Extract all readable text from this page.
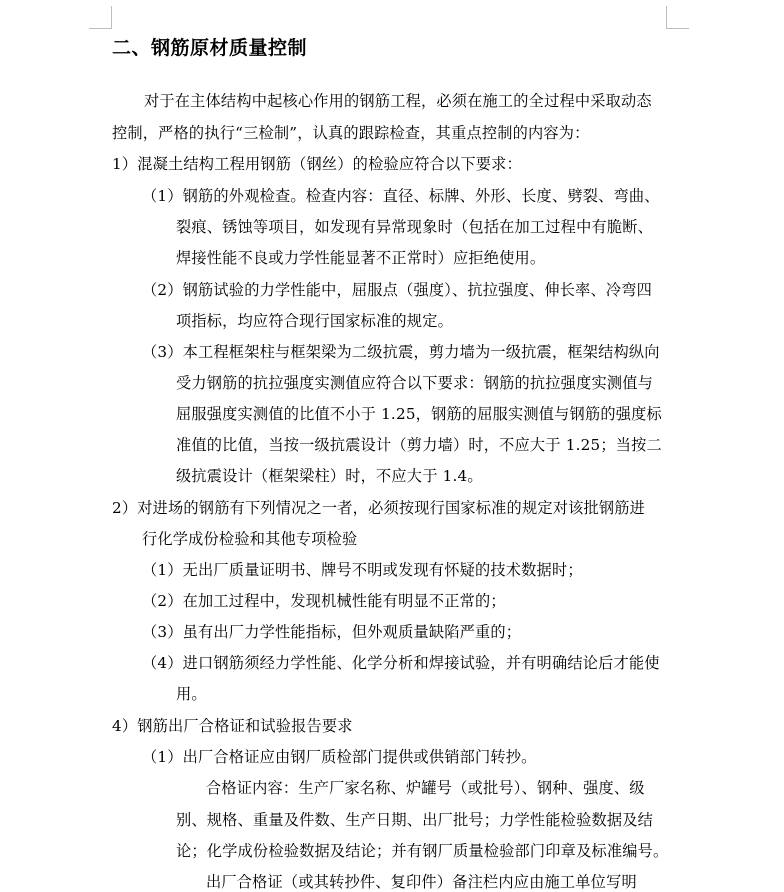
二、钢筋原材质量控制
对于在主体结构中起核心作用的钢筋工程，必须在施工的全过程中采取动态
控制，严格的执行“三检制”，认真的跟踪检查，其重点控制的内容为：
1）混凝土结构工程用钢筋（钢丝）的检验应符合以下要求：
（1）钢筋的外观检查。检查内容：直径、标牌、外形、长度、劈裂、弯曲、
裂痕、锈蚀等项目，如发现有异常现象时（包括在加工过程中有脆断、
焊接性能不良或力学性能显著不正常时）应拒绝使用。
（2）钢筋试验的力学性能中，屈服点（强度）、抗拉强度、伸长率、冷弯四
项指标，均应符合现行国家标准的规定。
（3）本工程框架柱与框架梁为二级抗震，剪力墙为一级抗震，框架结构纵向
受力钢筋的抗拉强度实测值应符合以下要求：钢筋的抗拉强度实测值与
屈服强度实测值的比值不小于 1.25，钢筋的屈服实测值与钢筋的强度标
准值的比值，当按一级抗震设计（剪力墙）时，不应大于 1.25；当按二
级抗震设计（框架梁柱）时，不应大于 1.4。
2）对进场的钢筋有下列情况之一者，必须按现行国家标准的规定对该批钢筋进
行化学成份检验和其他专项检验
（1）无出厂质量证明书、牌号不明或发现有怀疑的技术数据时；
（2）在加工过程中，发现机械性能有明显不正常的；
（3）虽有出厂力学性能指标，但外观质量缺陷严重的；
（4）进口钢筋须经力学性能、化学分析和焊接试验，并有明确结论后才能使
用。
4）钢筋出厂合格证和试验报告要求
（1）出厂合格证应由钢厂质检部门提供或供销部门转抄。
合格证内容：生产厂家名称、炉罐号（或批号）、钢种、强度、级
别、规格、重量及件数、生产日期、出厂批号；力学性能检验数据及结
论；化学成份检验数据及结论；并有钢厂质量检验部门印章及标准编号。
出厂合格证（或其转抄件、复印件）备注栏内应由施工单位写明
